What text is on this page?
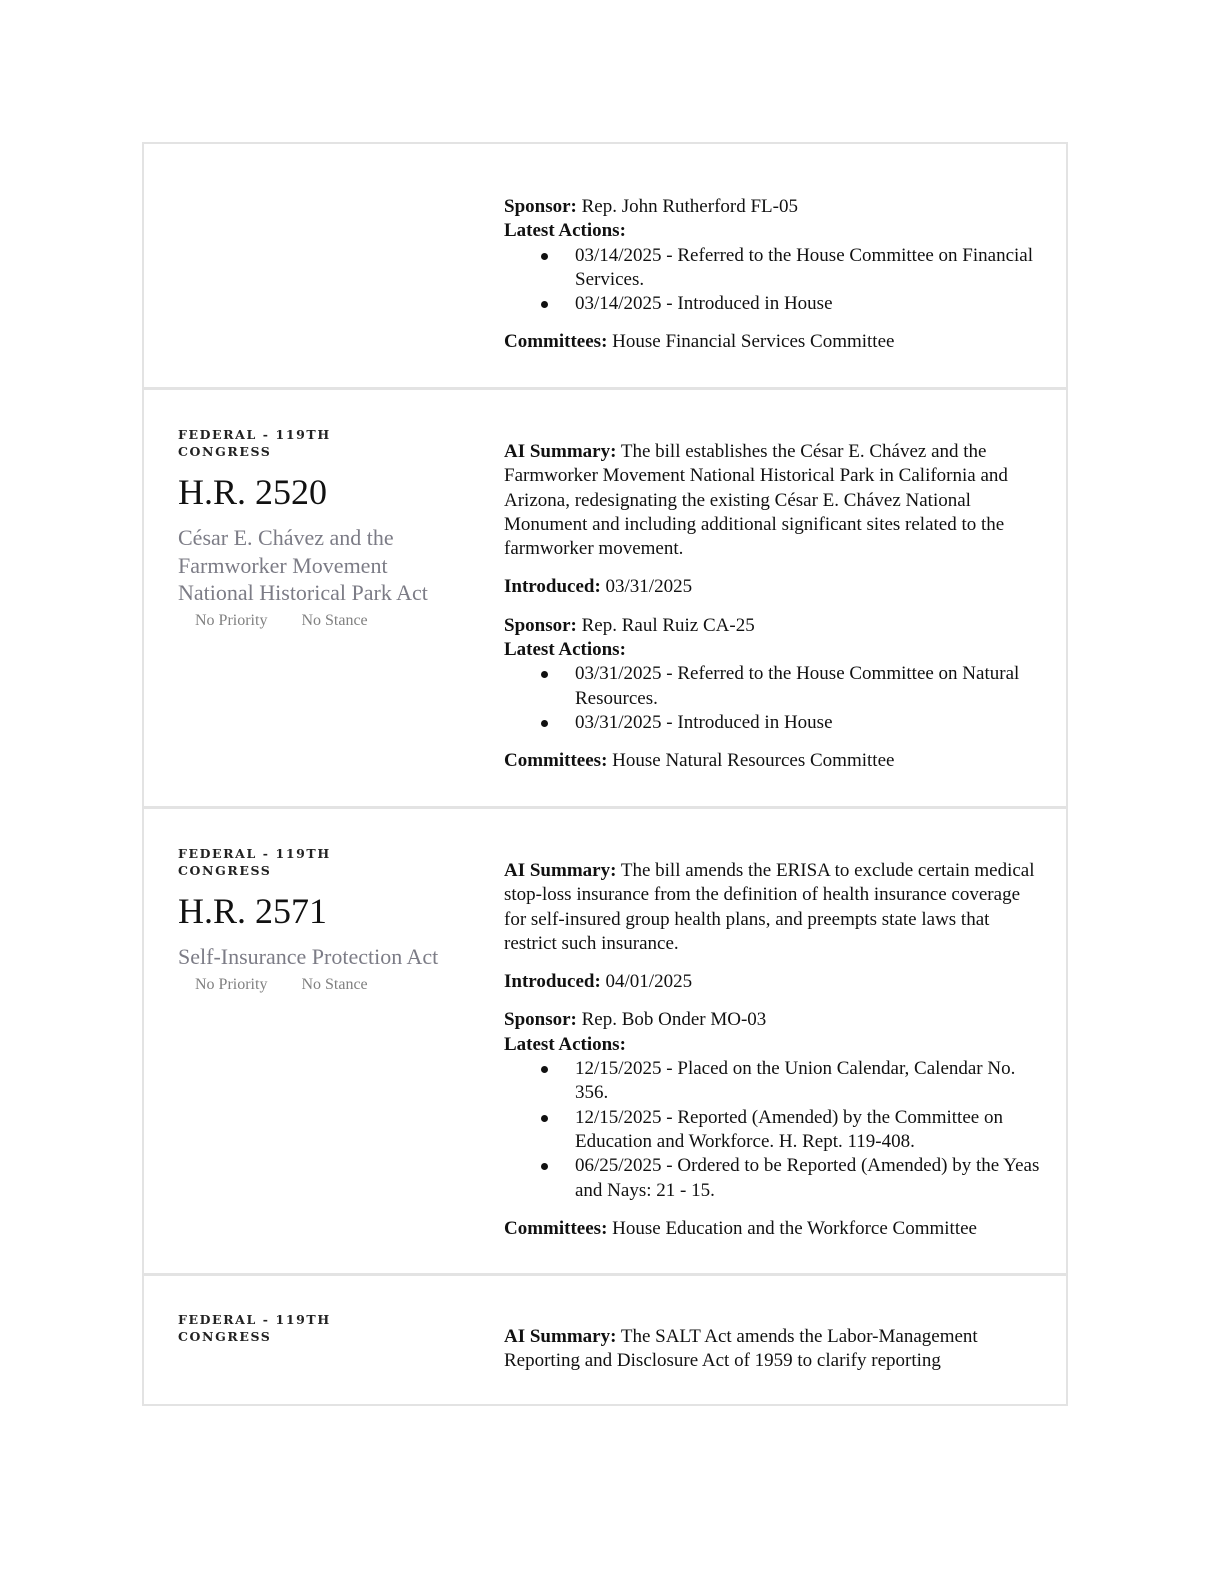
Sponsor: Rep. John Rutherford FL-05

Latest Actions:

03/14/2025 - Referred to the House Committee on Financial Services.
03/14/2025 - Introduced in House

Committees: House Financial Services Committee

FEDERAL - 119TH CONGRESS
H.R. 2520
César E. Chávez and the Farmworker Movement National Historical Park Act
No Priority No Stance

AI Summary: The bill establishes the César E. Chávez and the Farmworker Movement National Historical Park in California and Arizona, redesignating the existing César E. Chávez National Monument and including additional significant sites related to the farmworker movement.

Introduced: 03/31/2025

Sponsor: Rep. Raul Ruiz CA-25

Latest Actions:

03/31/2025 - Referred to the House Committee on Natural Resources.
03/31/2025 - Introduced in House

Committees: House Natural Resources Committee

FEDERAL - 119TH CONGRESS
H.R. 2571
Self-Insurance Protection Act
No Priority No Stance

AI Summary: The bill amends the ERISA to exclude certain medical stop-loss insurance from the definition of health insurance coverage for self-insured group health plans, and preempts state laws that restrict such insurance.

Introduced: 04/01/2025

Sponsor: Rep. Bob Onder MO-03

Latest Actions:

12/15/2025 - Placed on the Union Calendar, Calendar No. 356.
12/15/2025 - Reported (Amended) by the Committee on Education and Workforce. H. Rept. 119-408.
06/25/2025 - Ordered to be Reported (Amended) by the Yeas and Nays: 21 - 15.

Committees: House Education and the Workforce Committee

FEDERAL - 119TH CONGRESS	AI Summary: The SALT Act amends the Labor-Management Reporting and Disclosure Act of 1959 to clarify reporting
